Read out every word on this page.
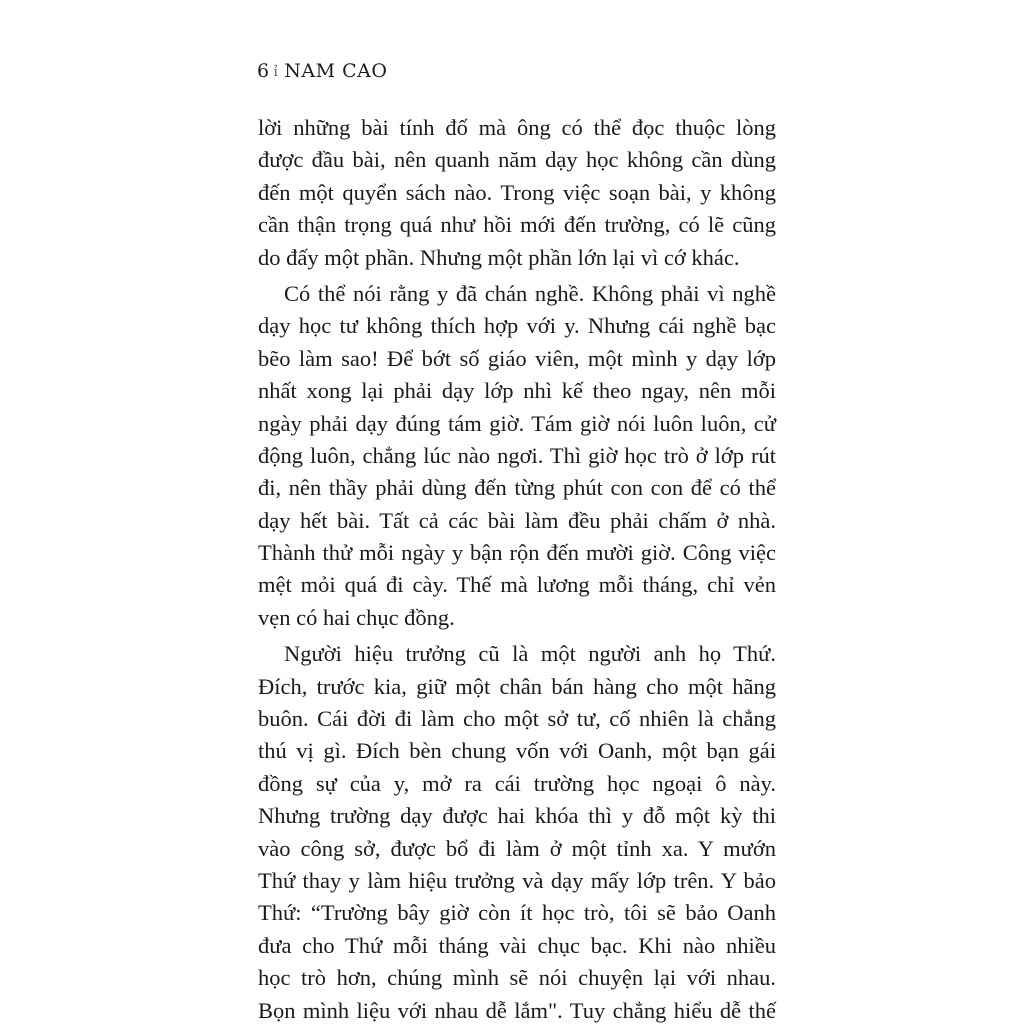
6 ỉ NAM CAO
lời những bài tính đố mà ông có thể đọc thuộc lòng
được đầu bài, nên quanh năm dạy học không cần dùng
đến một quyển sách nào. Trong việc soạn bài, y không
cần thận trọng quá như hồi mới đến trường, có lẽ cũng
do đấy một phần. Nhưng một phần lớn lại vì cớ khác.
Có thể nói rằng y đã chán nghề. Không phải vì nghề
dạy học tư không thích hợp với y. Nhưng cái nghề bạc
bẽo làm sao! Để bớt số giáo viên, một mình y dạy lớp
nhất xong lại phải dạy lớp nhì kế theo ngay, nên mỗi
ngày phải dạy đúng tám giờ. Tám giờ nói luôn luôn, cử
động luôn, chẳng lúc nào ngơi. Thì giờ học trò ở lớp rút
đi, nên thầy phải dùng đến từng phút con con để có thể
dạy hết bài. Tất cả các bài làm đều phải chấm ở nhà.
Thành thử mỗi ngày y bận rộn đến mười giờ. Công việc
mệt mỏi quá đi cày. Thế mà lương mỗi tháng, chỉ vẻn
vẹn có hai chục đồng.
Người hiệu trưởng cũ là một người anh họ Thứ.
Đích, trước kia, giữ một chân bán hàng cho một hãng
buôn. Cái đời đi làm cho một sở tư, cố nhiên là chẳng
thú vị gì. Đích bèn chung vốn với Oanh, một bạn gái
đồng sự của y, mở ra cái trường học ngoại ô này.
Nhưng trường dạy được hai khóa thì y đỗ một kỳ thi
vào công sở, được bổ đi làm ở một tỉnh xa. Y mướn
Thứ thay y làm hiệu trưởng và dạy mấy lớp trên. Y bảo
Thứ: “Trường bây giờ còn ít học trò, tôi sẽ bảo Oanh
đưa cho Thứ mỗi tháng vài chục bạc. Khi nào nhiều
học trò hơn, chúng mình sẽ nói chuyện lại với nhau.
Bọn mình liệu với nhau dễ lắm". Tuy chẳng hiểu dễ thế
